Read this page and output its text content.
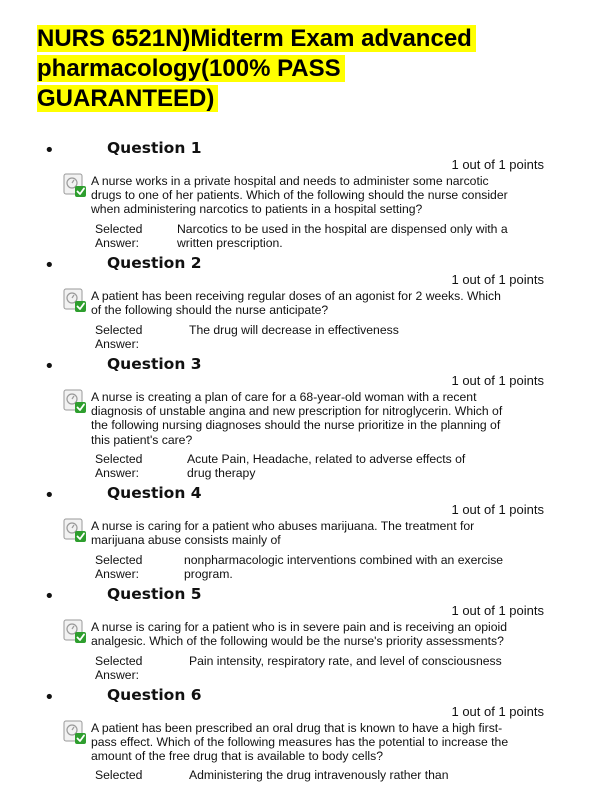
NURS 6521N)Midterm Exam advanced pharmacology(100% PASS GUARANTEED)
•	Question 1
1 out of 1 points
A nurse works in a private hospital and needs to administer some narcotic drugs to one of her patients. Which of the following should the nurse consider when administering narcotics to patients in a hospital setting?
Selected
Answer:
Narcotics to be used in the hospital are dispensed only with a written prescription.
•	Question 2
1 out of 1 points
A patient has been receiving regular doses of an agonist for 2 weeks. Which of the following should the nurse anticipate?
Selected
Answer:
The drug will decrease in effectiveness
•	Question 3
1 out of 1 points
A nurse is creating a plan of care for a 68-year-old woman with a recent diagnosis of unstable angina and new prescription for nitroglycerin. Which of the following nursing diagnoses should the nurse prioritize in the planning of this patient's care?
Selected
Answer:
Acute Pain, Headache, related to adverse effects of drug therapy
•	Question 4
1 out of 1 points
A nurse is caring for a patient who abuses marijuana. The treatment for marijuana abuse consists mainly of
Selected
Answer:
nonpharmacologic interventions combined with an exercise program.
•	Question 5
1 out of 1 points
A nurse is caring for a patient who is in severe pain and is receiving an opioid analgesic. Which of the following would be the nurse's priority assessments?
Selected
Answer:
Pain intensity, respiratory rate, and level of consciousness
•	Question 6
1 out of 1 points
A patient has been prescribed an oral drug that is known to have a high first-pass effect. Which of the following measures has the potential to increase the amount of the free drug that is available to body cells?
Selected	Administering the drug intravenously rather than
